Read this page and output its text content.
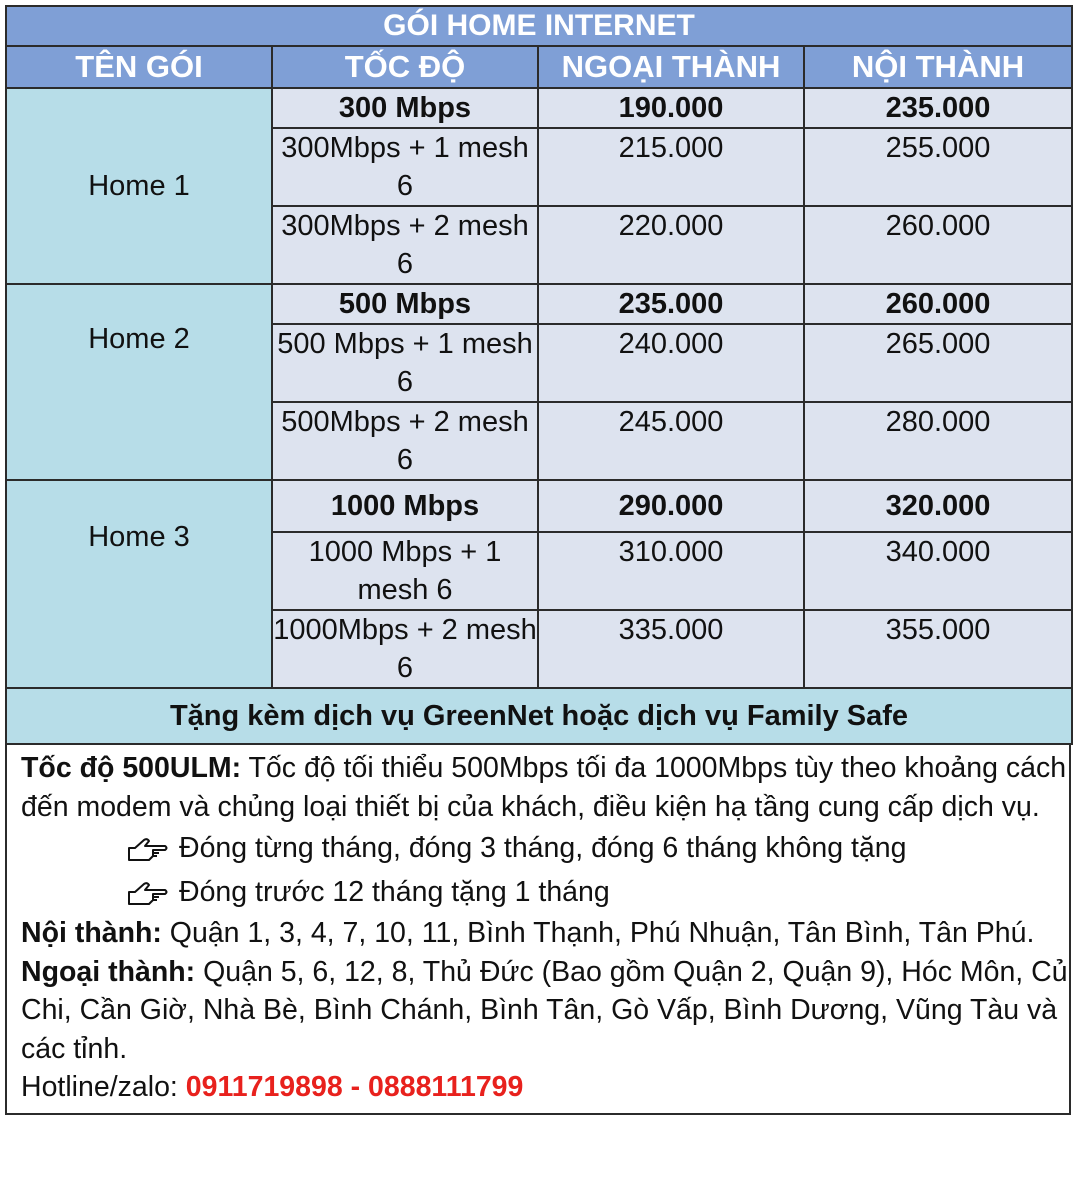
GÓI HOME INTERNET			
TÊN GÓI	TỐC ĐỘ	NGOẠI THÀNH	NỘI THÀNH
Home 1	300 Mbps	190.000	235.000
	300Mbps + 1 mesh 6	215.000	255.000
	300Mbps + 2 mesh 6	220.000	260.000
Home 2	500 Mbps	235.000	260.000
	500 Mbps + 1 mesh 6	240.000	265.000
	500Mbps + 2 mesh 6	245.000	280.000
Home 3	1000 Mbps	290.000	320.000
	1000 Mbps + 1 mesh 6	310.000	340.000
	1000Mbps + 2 mesh 6	335.000	355.000
Tặng kèm dịch vụ GreenNet hoặc dịch vụ Family Safe			

Tốc độ 500ULM: Tốc độ tối thiểu 500Mbps tối đa 1000Mbps tùy theo khoảng cách đến modem và chủng loại thiết bị của khách, điều kiện hạ tầng cung cấp dịch vụ.

Đóng từng tháng, đóng 3 tháng, đóng 6 tháng không tặng
Đóng trước 12 tháng tặng 1 tháng

Nội thành: Quận 1, 3, 4, 7, 10, 11, Bình Thạnh, Phú Nhuận, Tân Bình, Tân Phú.

Ngoại thành: Quận 5, 6, 12, 8, Thủ Đức (Bao gồm Quận 2, Quận 9), Hóc Môn, Củ Chi, Cần Giờ, Nhà Bè, Bình Chánh, Bình Tân, Gò Vấp, Bình Dương, Vũng Tàu và các tỉnh.

Hotline/zalo: 0911719898 - 0888111799
